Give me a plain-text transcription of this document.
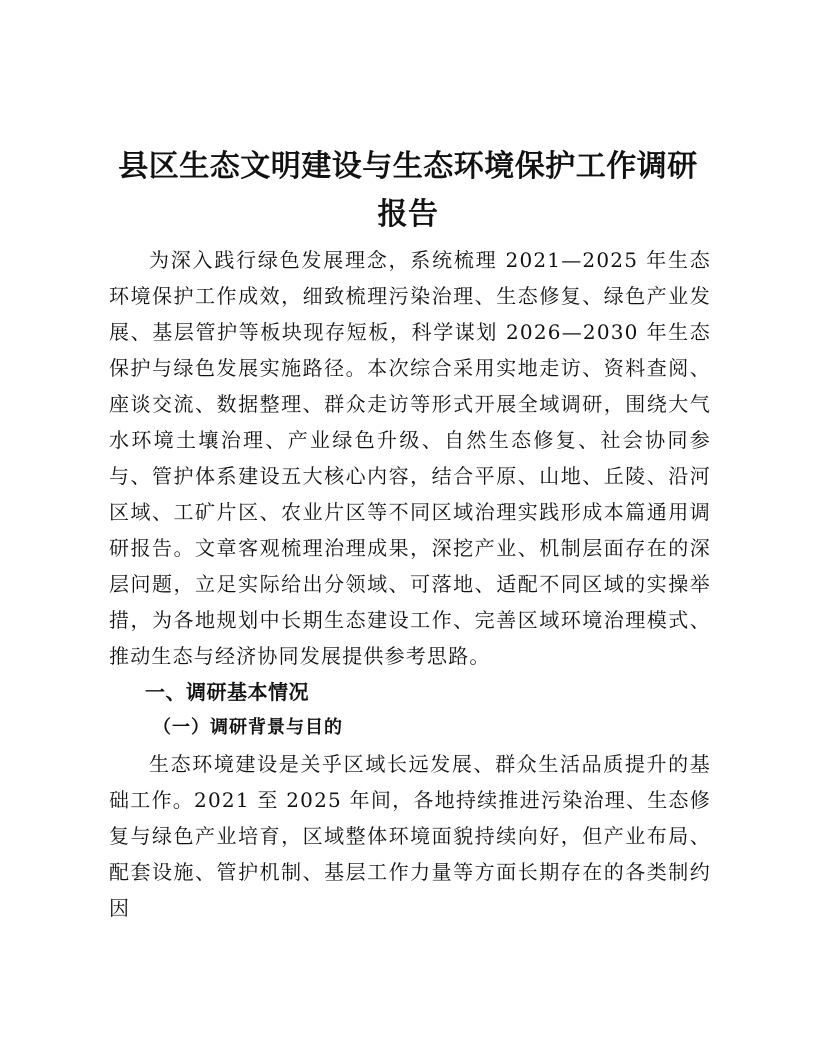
县区生态文明建设与生态环境保护工作调研报告

为深入践行绿色发展理念，系统梳理 2021—2025 年生态环境保护工作成效，细致梳理污染治理、生态修复、绿色产业发展、基层管护等板块现存短板，科学谋划 2026—2030 年生态保护与绿色发展实施路径。本次综合采用实地走访、资料查阅、座谈交流、数据整理、群众走访等形式开展全域调研，围绕大气水环境土壤治理、产业绿色升级、自然生态修复、社会协同参与、管护体系建设五大核心内容，结合平原、山地、丘陵、沿河区域、工矿片区、农业片区等不同区域治理实践形成本篇通用调研报告。文章客观梳理治理成果，深挖产业、机制层面存在的深层问题，立足实际给出分领域、可落地、适配不同区域的实操举措，为各地规划中长期生态建设工作、完善区域环境治理模式、推动生态与经济协同发展提供参考思路。

一、调研基本情况
（一）调研背景与目的

生态环境建设是关乎区域长远发展、群众生活品质提升的基础工作。2021 至 2025 年间，各地持续推进污染治理、生态修复与绿色产业培育，区域整体环境面貌持续向好，但产业布局、配套设施、管护机制、基层工作力量等方面长期存在的各类制约因
